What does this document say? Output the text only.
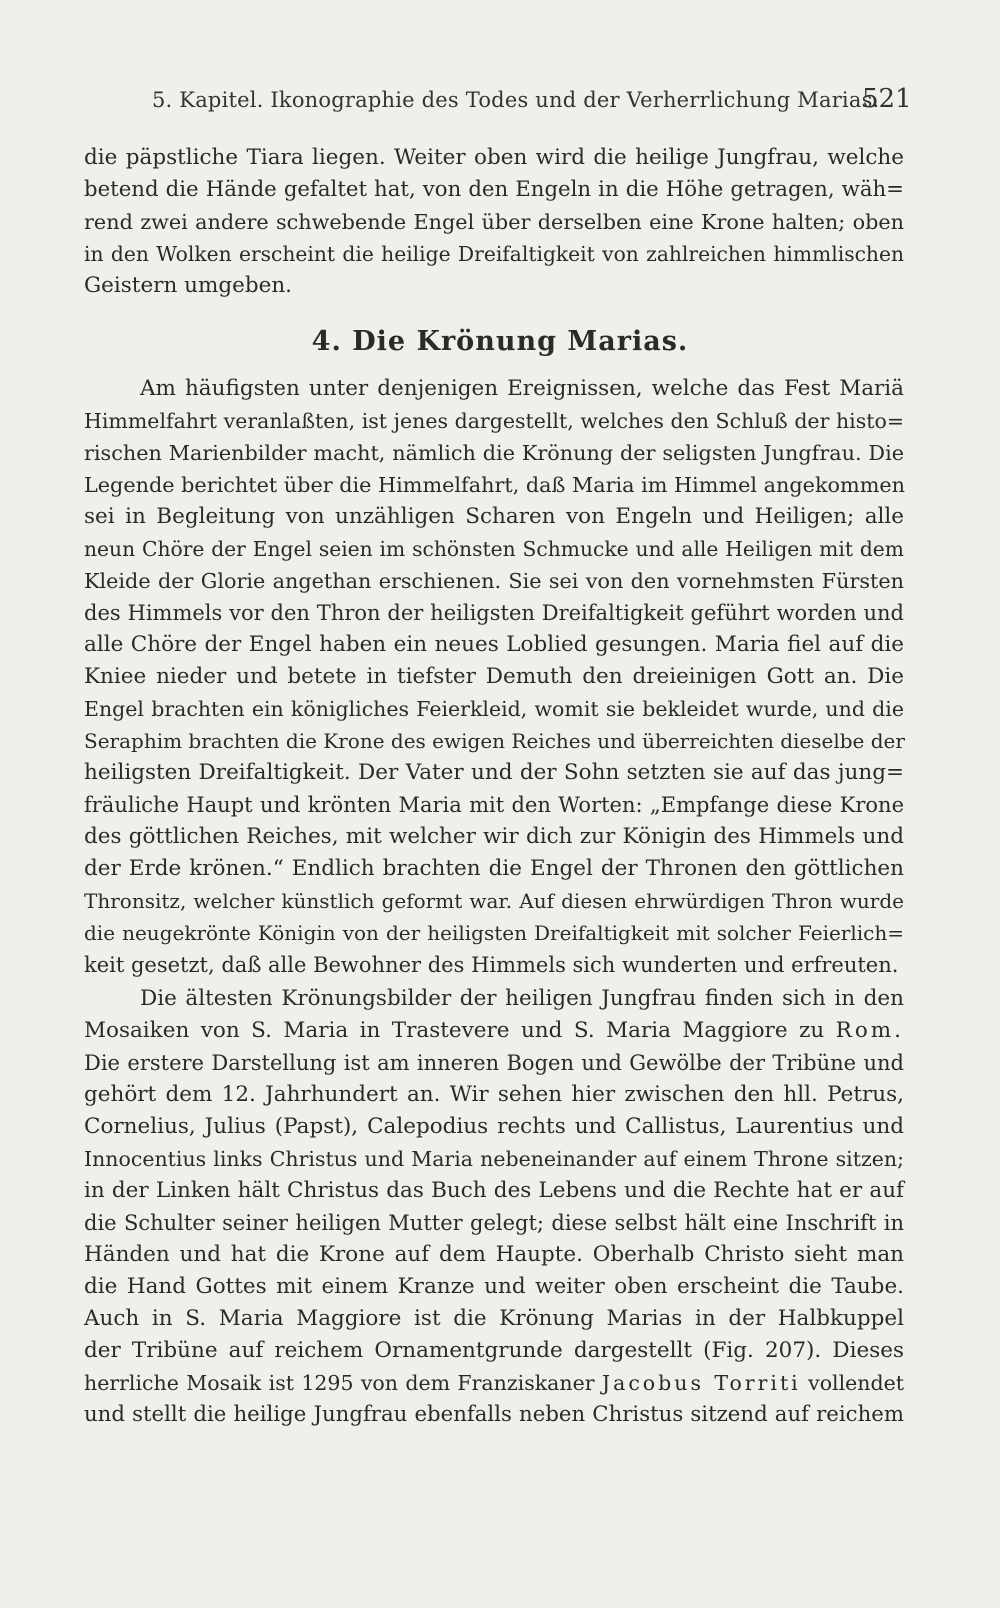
5. Kapitel. Ikonographie des Todes und der Verherrlichung Marias.
521
die päpstliche Tiara liegen. Weiter oben wird die heilige Jungfrau, welche
betend die Hände gefaltet hat, von den Engeln in die Höhe getragen, wäh=
rend zwei andere schwebende Engel über derselben eine Krone halten; oben
in den Wolken erscheint die heilige Dreifaltigkeit von zahlreichen himmlischen
Geistern umgeben.
4. Die Krönung Marias.
Am häufigsten unter denjenigen Ereignissen, welche das Fest Mariä
Himmelfahrt veranlaßten, ist jenes dargestellt, welches den Schluß der histo=
rischen Marienbilder macht, nämlich die Krönung der seligsten Jungfrau. Die
Legende berichtet über die Himmelfahrt, daß Maria im Himmel angekommen
sei in Begleitung von unzähligen Scharen von Engeln und Heiligen; alle
neun Chöre der Engel seien im schönsten Schmucke und alle Heiligen mit dem
Kleide der Glorie angethan erschienen. Sie sei von den vornehmsten Fürsten
des Himmels vor den Thron der heiligsten Dreifaltigkeit geführt worden und
alle Chöre der Engel haben ein neues Loblied gesungen. Maria fiel auf die
Kniee nieder und betete in tiefster Demuth den dreieinigen Gott an. Die
Engel brachten ein königliches Feierkleid, womit sie bekleidet wurde, und die
Seraphim brachten die Krone des ewigen Reiches und überreichten dieselbe der
heiligsten Dreifaltigkeit. Der Vater und der Sohn setzten sie auf das jung=
fräuliche Haupt und krönten Maria mit den Worten: „Empfange diese Krone
des göttlichen Reiches, mit welcher wir dich zur Königin des Himmels und
der Erde krönen.“ Endlich brachten die Engel der Thronen den göttlichen
Thronsitz, welcher künstlich geformt war. Auf diesen ehrwürdigen Thron wurde
die neugekrönte Königin von der heiligsten Dreifaltigkeit mit solcher Feierlich=
keit gesetzt, daß alle Bewohner des Himmels sich wunderten und erfreuten.
Die ältesten Krönungsbilder der heiligen Jungfrau finden sich in den
Mosaiken von S. Maria in Trastevere und S. Maria Maggiore zu Rom.
Die erstere Darstellung ist am inneren Bogen und Gewölbe der Tribüne und
gehört dem 12. Jahrhundert an. Wir sehen hier zwischen den hll. Petrus,
Cornelius, Julius (Papst), Calepodius rechts und Callistus, Laurentius und
Innocentius links Christus und Maria nebeneinander auf einem Throne sitzen;
in der Linken hält Christus das Buch des Lebens und die Rechte hat er auf
die Schulter seiner heiligen Mutter gelegt; diese selbst hält eine Inschrift in
Händen und hat die Krone auf dem Haupte. Oberhalb Christo sieht man
die Hand Gottes mit einem Kranze und weiter oben erscheint die Taube.
Auch in S. Maria Maggiore ist die Krönung Marias in der Halbkuppel
der Tribüne auf reichem Ornamentgrunde dargestellt (Fig. 207). Dieses
herrliche Mosaik ist 1295 von dem Franziskaner Jacobus Torriti vollendet
und stellt die heilige Jungfrau ebenfalls neben Christus sitzend auf reichem
